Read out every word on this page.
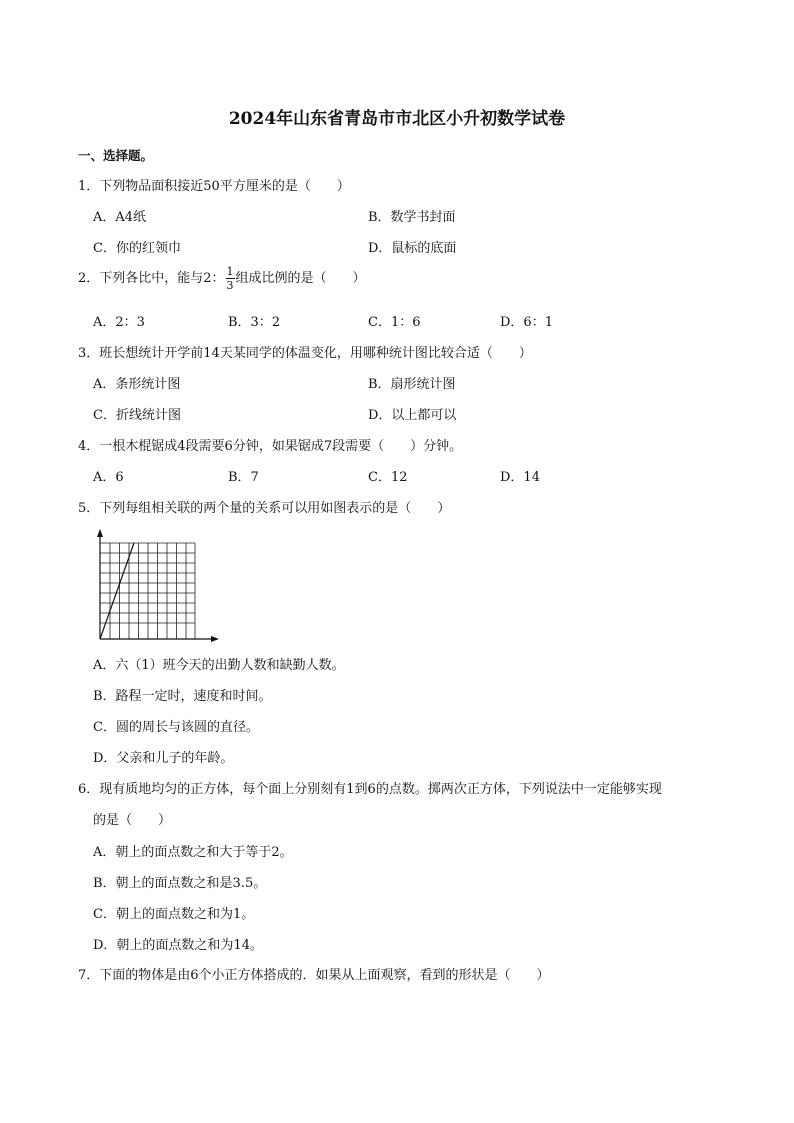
2024年山东省青岛市市北区小升初数学试卷
一、选择题。
1．下列物品面积接近50平方厘米的是（　　）
A．A4纸	B．数学书封面
C．你的红领巾	D．鼠标的底面
2．下列各比中，能与2： $\frac{1}{3}$ 组成比例的是（　　）
A．2：3	B．3：2	C．1：6	D．6：1
3．班长想统计开学前14天某同学的体温变化，用哪种统计图比较合适（　　）
A．条形统计图	B．扇形统计图
C．折线统计图	D．以上都可以
4．一根木棍锯成4段需要6分钟，如果锯成7段需要（　　）分钟。
A．6	B．7	C．12	D．14
5．下列每组相关联的两个量的关系可以用如图表示的是（　　）
A．六（1）班今天的出勤人数和缺勤人数。
B．路程一定时，速度和时间。
C．圆的周长与该圆的直径。
D．父亲和儿子的年龄。
6．现有质地均匀的正方体，每个面上分别刻有1到6的点数。掷两次正方体，下列说法中一定能够实现
的是（　　）
A．朝上的面点数之和大于等于2。
B．朝上的面点数之和是3.5。
C．朝上的面点数之和为1。
D．朝上的面点数之和为14。
7．下面的物体是由6个小正方体搭成的．如果从上面观察，看到的形状是（　　）
